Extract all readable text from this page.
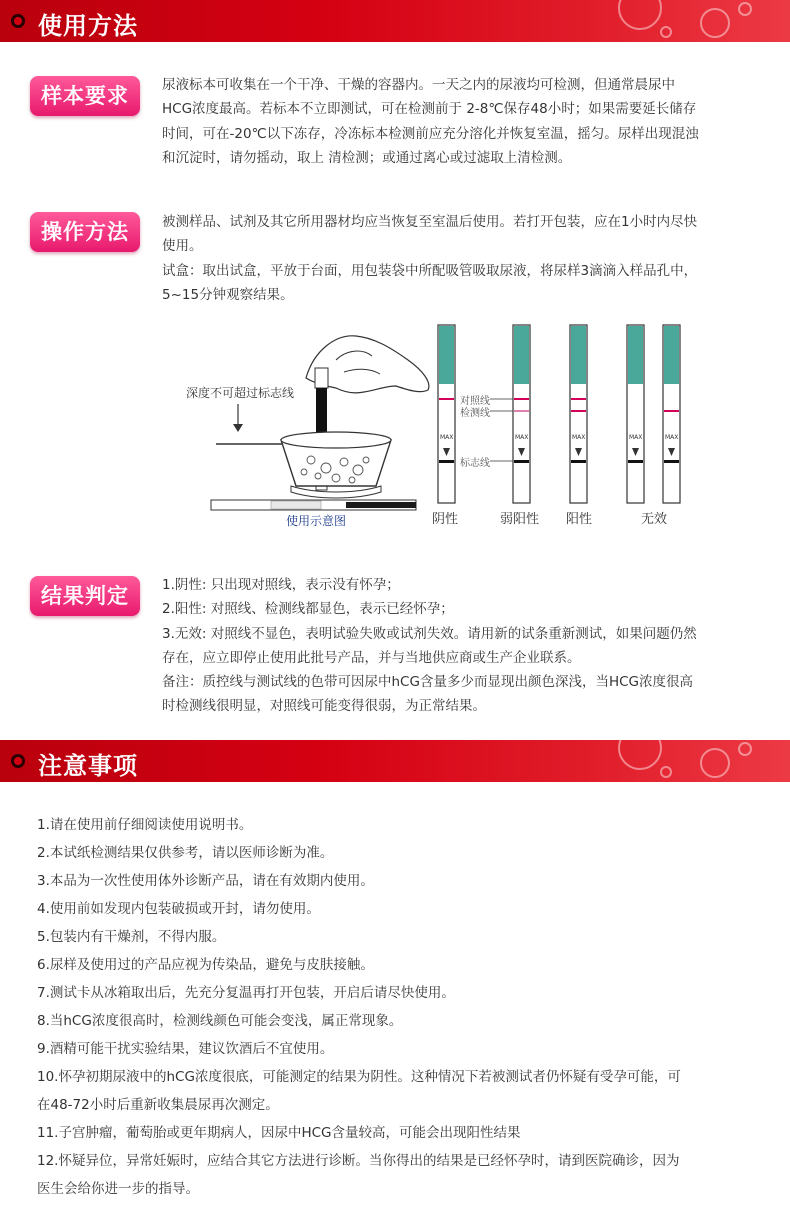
使用方法
样本要求	尿液标本可收集在一个干净、干燥的容器内。一天之内的尿液均可检测，但通常晨尿中

HCG浓度最高。若标本不立即测试，可在检测前于 2-8℃保存48小时；如果需要延长储存

时间，可在-20℃以下冻存，冷冻标本检测前应充分溶化并恢复室温，摇匀。尿样出现混浊

和沉淀时，请勿摇动，取上 清检测；或通过离心或过滤取上清检测。

操作方法	被测样品、试剂及其它所用器材均应当恢复至室温后使用。若打开包装，应在1小时内尽快

使用。

试盒：取出试盒，平放于台面，用包装袋中所配吸管吸取尿液，将尿样3滴滴入样品孔中，

5~15分钟观察结果。

MAX	MAX	MAX	MAX	MAX
深度不可超过标志线
使用示意图
对照线
检测线
标志线
阴性	弱阳性 阳性	无效
结果判定	1.阴性: 只出现对照线，表示没有怀孕；

2.阳性: 对照线、检测线都显色，表示已经怀孕；

3.无效: 对照线不显色，表明试验失败或试剂失效。请用新的试条重新测试，如果问题仍然

存在，应立即停止使用此批号产品，并与当地供应商或生产企业联系。

备注：质控线与测试线的色带可因尿中hCG含量多少而显现出颜色深浅，当HCG浓度很高

时检测线很明显，对照线可能变得很弱，为正常结果。

注意事项

1.请在使用前仔细阅读使用说明书。

2.本试纸检测结果仅供参考，请以医师诊断为准。

3.本品为一次性使用体外诊断产品，请在有效期内使用。

4.使用前如发现内包装破损或开封，请勿使用。

5.包装内有干燥剂，不得内服。

6.尿样及使用过的产品应视为传染品，避免与皮肤接触。

7.测试卡从冰箱取出后，先充分复温再打开包装，开启后请尽快使用。

8.当hCG浓度很高时，检测线颜色可能会变浅，属正常现象。

9.酒精可能干扰实验结果，建议饮酒后不宜使用。

10.怀孕初期尿液中的hCG浓度很底，可能测定的结果为阴性。这种情况下若被测试者仍怀疑有受孕可能，可

在48-72小时后重新收集晨尿再次测定。

11.子宫肿瘤，葡萄胎或更年期病人，因尿中HCG含量较高，可能会出现阳性结果

12.怀疑异位，异常妊娠时，应结合其它方法进行诊断。当你得出的结果是已经怀孕时，请到医院确诊，因为

医生会给你进一步的指导。
